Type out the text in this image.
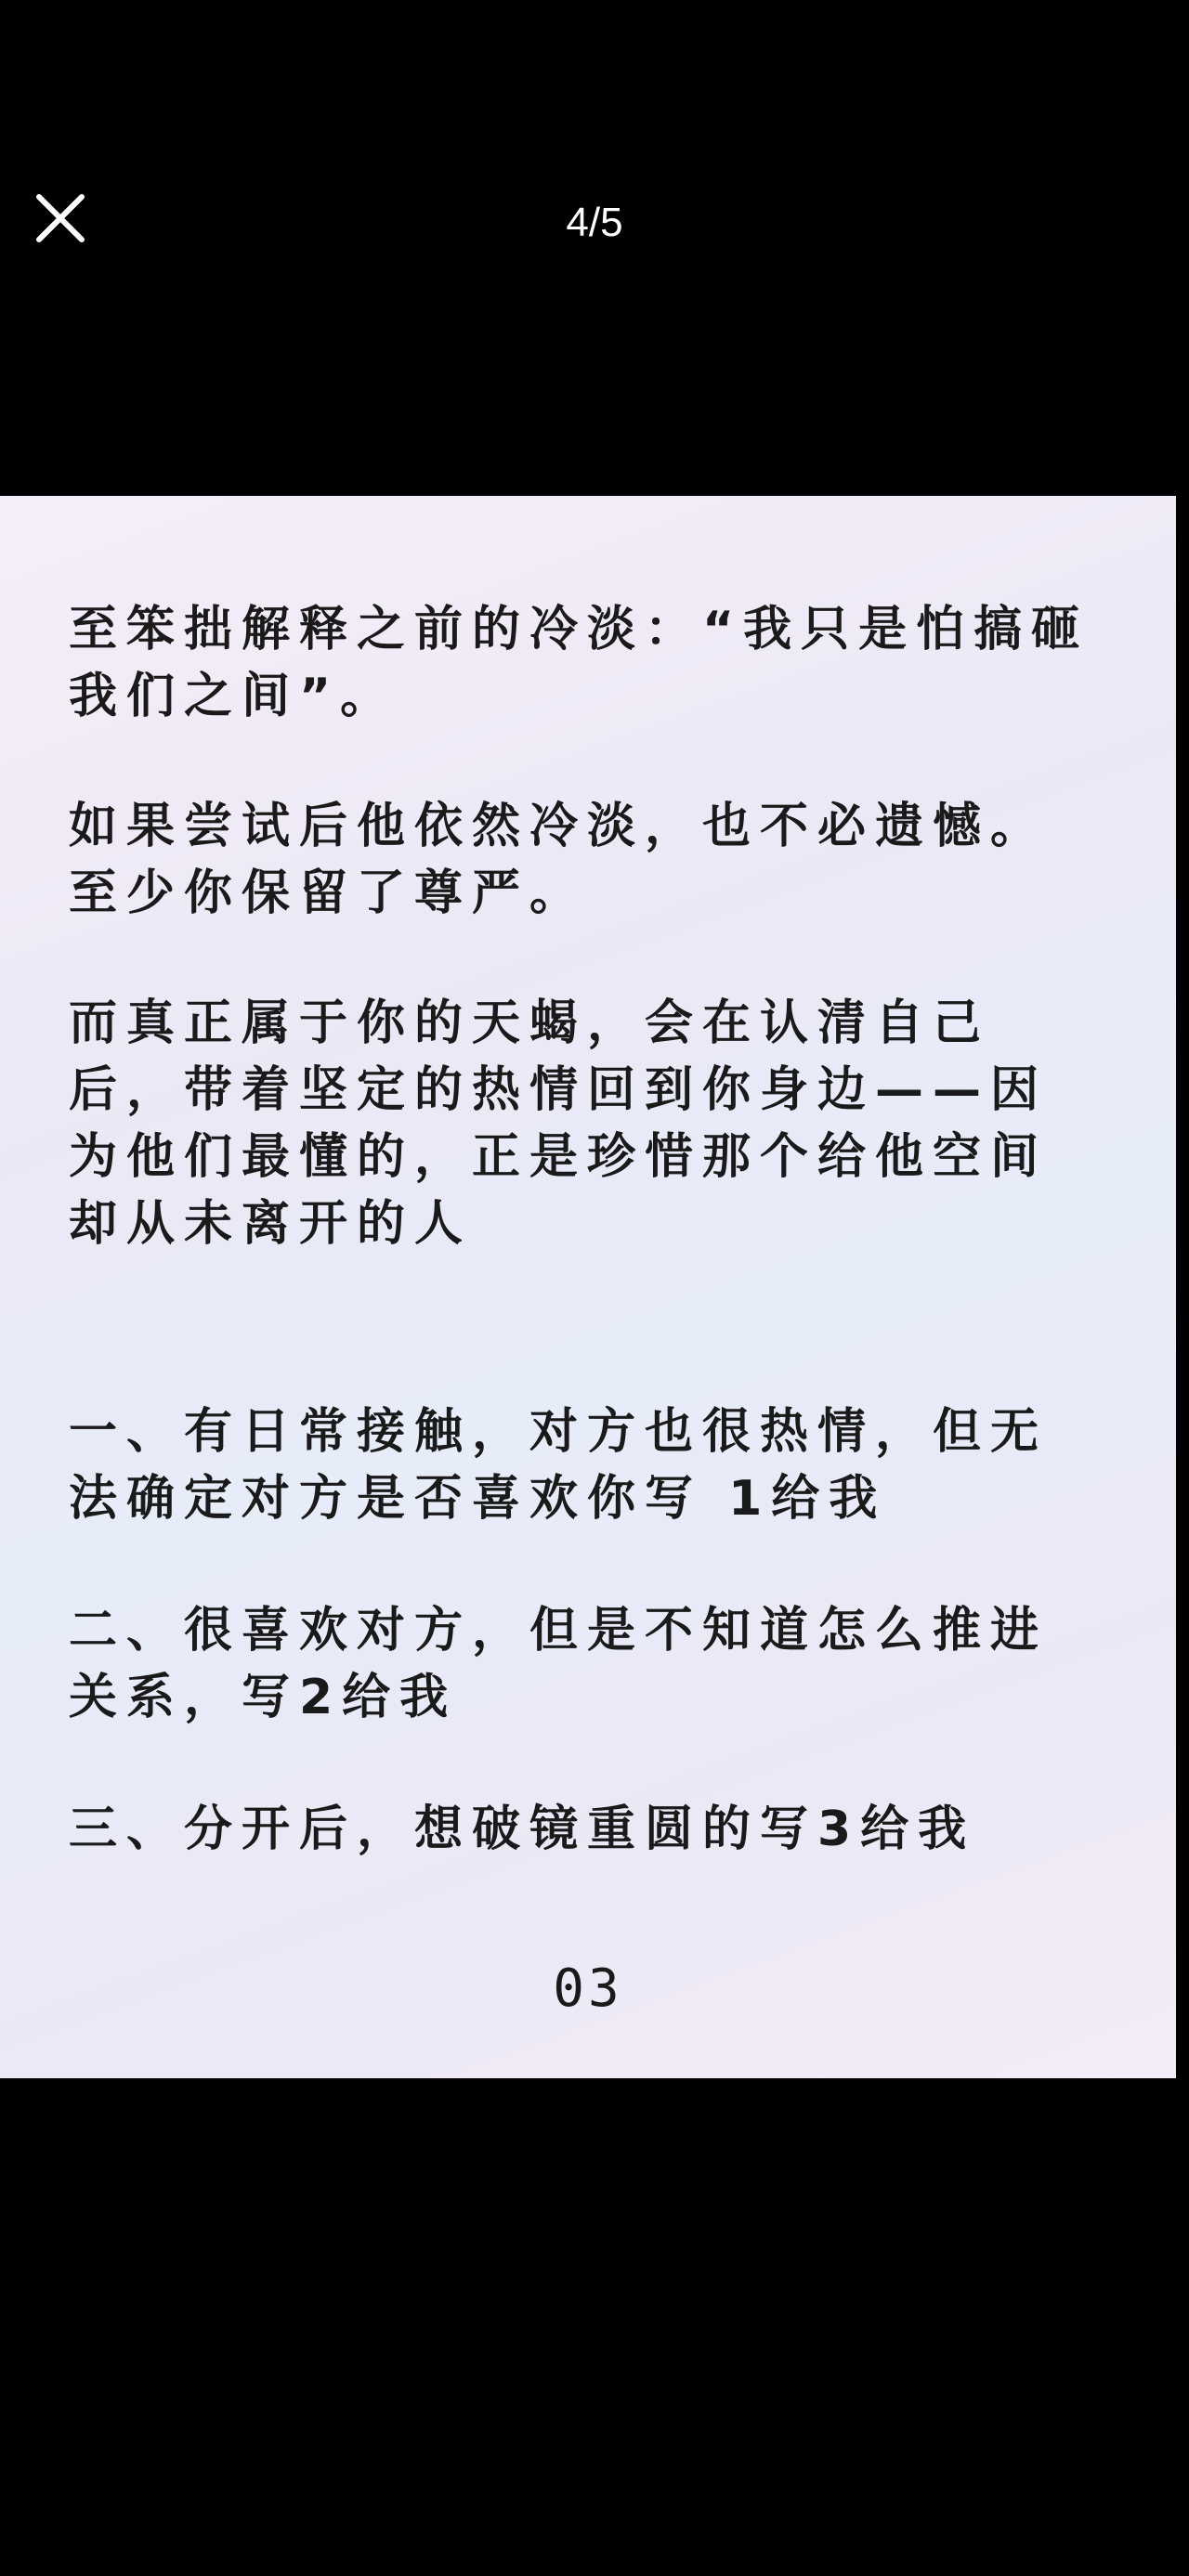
4/5
至笨拙解释之前的冷淡：“我只是怕搞砸我们之间”。
如果尝试后他依然冷淡，也不必遗憾。至少你保留了尊严。
而真正属于你的天蝎，会在认清自己后，带着坚定的热情回到你身边——因为他们最懂的，正是珍惜那个给他空间却从未离开的人
一、有日常接触，对方也很热情，但无法确定对方是否喜欢你写 1给我
二、很喜欢对方，但是不知道怎么推进关系，写2给我
三、分开后，想破镜重圆的写3给我
03
